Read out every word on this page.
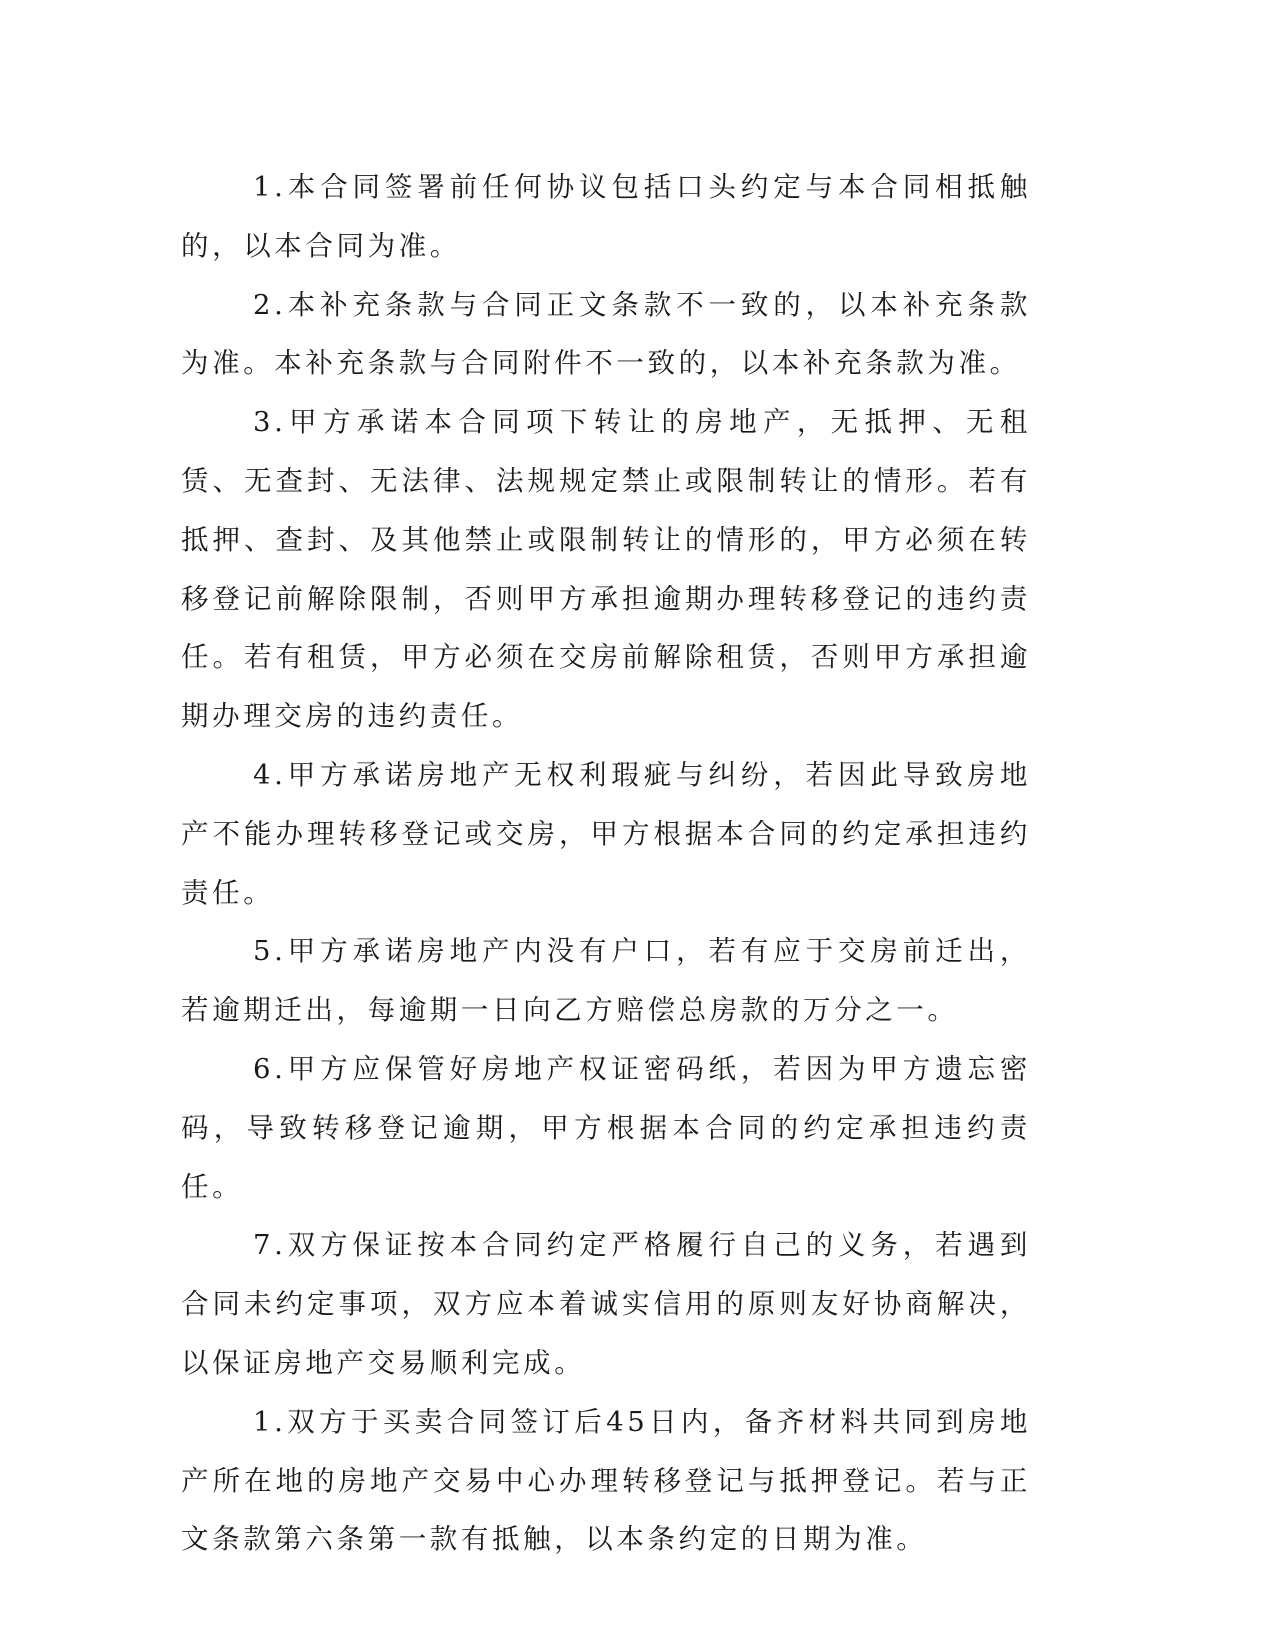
1.本合同签署前任何协议包括口头约定与本合同相抵触的，以本合同为准。

2.本补充条款与合同正文条款不一致的，以本补充条款为准。本补充条款与合同附件不一致的，以本补充条款为准。

3.甲方承诺本合同项下转让的房地产，无抵押、无租赁、无查封、无法律、法规规定禁止或限制转让的情形。若有抵押、查封、及其他禁止或限制转让的情形的，甲方必须在转移登记前解除限制，否则甲方承担逾期办理转移登记的违约责任。若有租赁，甲方必须在交房前解除租赁，否则甲方承担逾期办理交房的违约责任。

4.甲方承诺房地产无权利瑕疵与纠纷，若因此导致房地产不能办理转移登记或交房，甲方根据本合同的约定承担违约责任。

5.甲方承诺房地产内没有户口，若有应于交房前迁出，若逾期迁出，每逾期一日向乙方赔偿总房款的万分之一。

6.甲方应保管好房地产权证密码纸，若因为甲方遗忘密码，导致转移登记逾期，甲方根据本合同的约定承担违约责任。

7.双方保证按本合同约定严格履行自己的义务，若遇到合同未约定事项，双方应本着诚实信用的原则友好协商解决，以保证房地产交易顺利完成。

1.双方于买卖合同签订后45日内，备齐材料共同到房地产所在地的房地产交易中心办理转移登记与抵押登记。若与正文条款第六条第一款有抵触，以本条约定的日期为准。
